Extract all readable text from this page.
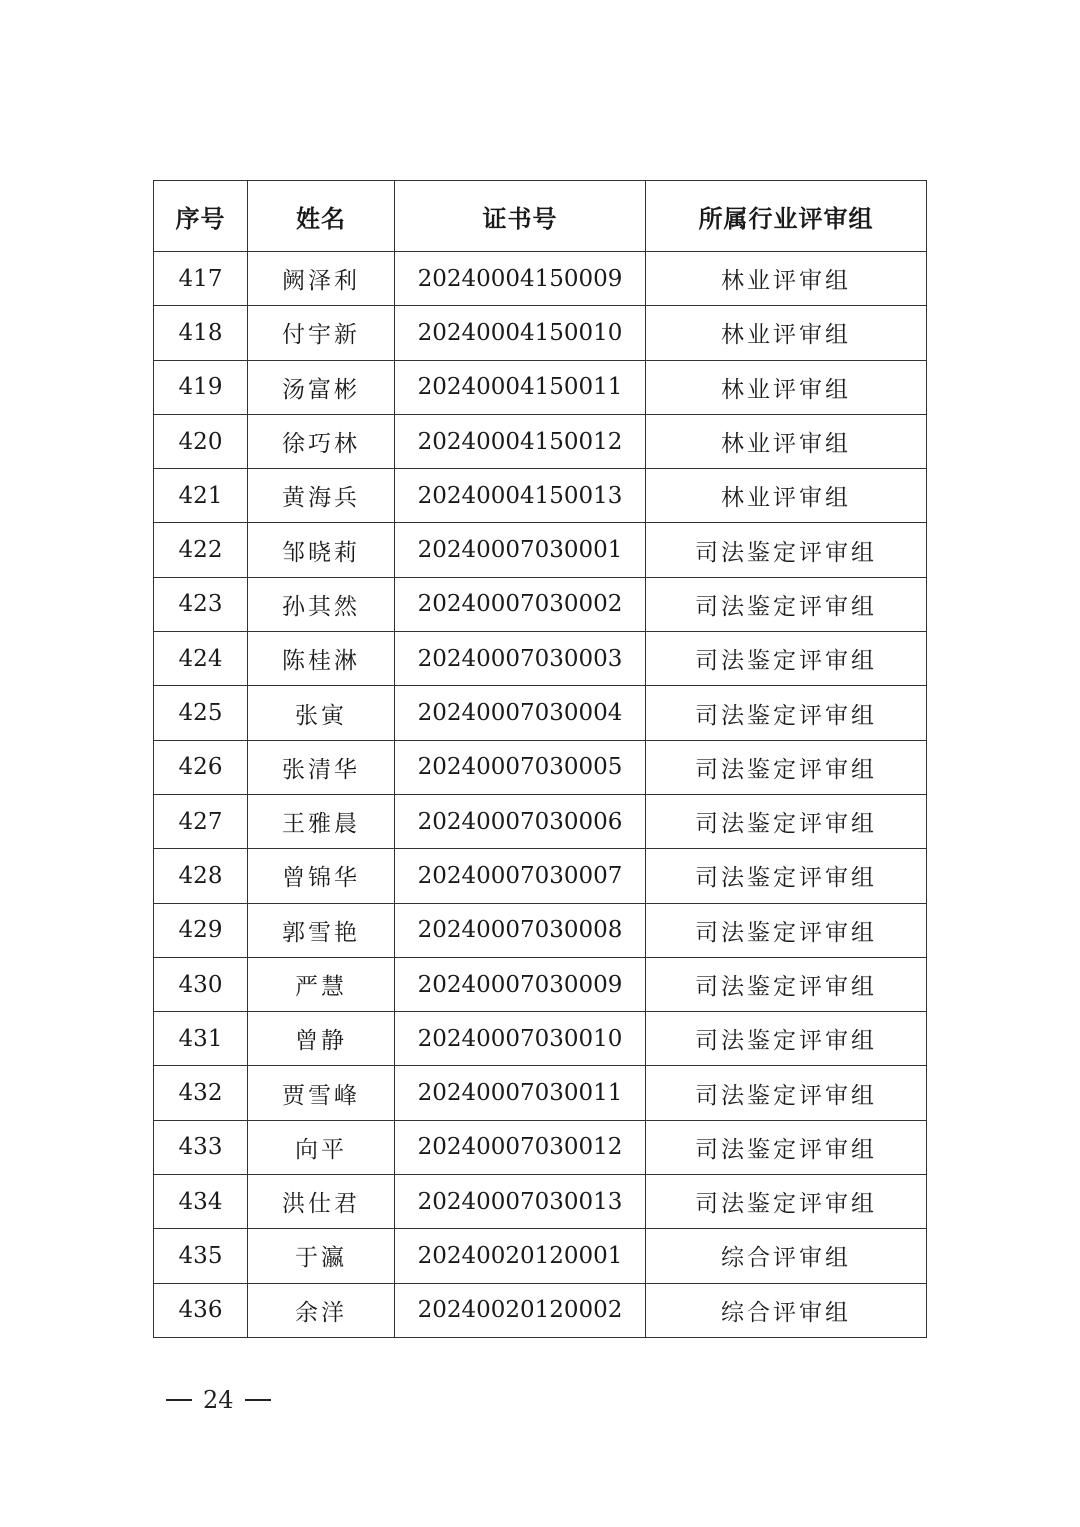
序号	姓名	证书号	所属行业评审组
417	阙泽利	20240004150009	林业评审组
418	付宇新	20240004150010	林业评审组
419	汤富彬	20240004150011	林业评审组
420	徐巧林	20240004150012	林业评审组
421	黄海兵	20240004150013	林业评审组
422	邹晓莉	20240007030001	司法鉴定评审组
423	孙其然	20240007030002	司法鉴定评审组
424	陈桂淋	20240007030003	司法鉴定评审组
425	张寅	20240007030004	司法鉴定评审组
426	张清华	20240007030005	司法鉴定评审组
427	王雅晨	20240007030006	司法鉴定评审组
428	曾锦华	20240007030007	司法鉴定评审组
429	郭雪艳	20240007030008	司法鉴定评审组
430	严慧	20240007030009	司法鉴定评审组
431	曾静	20240007030010	司法鉴定评审组
432	贾雪峰	20240007030011	司法鉴定评审组
433	向平	20240007030012	司法鉴定评审组
434	洪仕君	20240007030013	司法鉴定评审组
435	于瀛	20240020120001	综合评审组
436	余洋	20240020120002	综合评审组
24
